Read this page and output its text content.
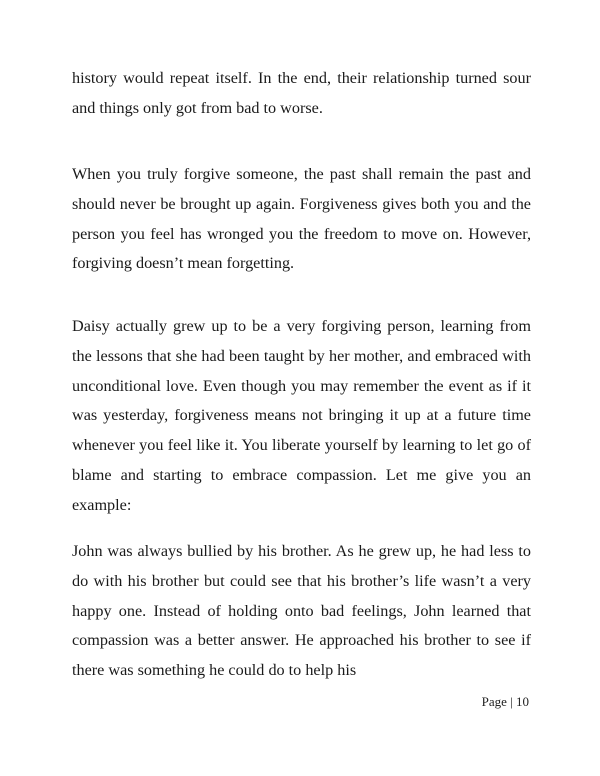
history would repeat itself. In the end, their relationship turned sour and things only got from bad to worse.

When you truly forgive someone, the past shall remain the past and should never be brought up again. Forgiveness gives both you and the person you feel has wronged you the freedom to move on. However, forgiving doesn’t mean forgetting.

Daisy actually grew up to be a very forgiving person, learning from the lessons that she had been taught by her mother, and embraced with unconditional love. Even though you may remember the event as if it was yesterday, forgiveness means not bringing it up at a future time whenever you feel like it. You liberate yourself by learning to let go of blame and starting to embrace compassion. Let me give you an example:

John was always bullied by his brother. As he grew up, he had less to do with his brother but could see that his brother’s life wasn’t a very happy one. Instead of holding onto bad feelings, John learned that compassion was a better answer. He approached his brother to see if there was something he could do to help his

Page | 10
